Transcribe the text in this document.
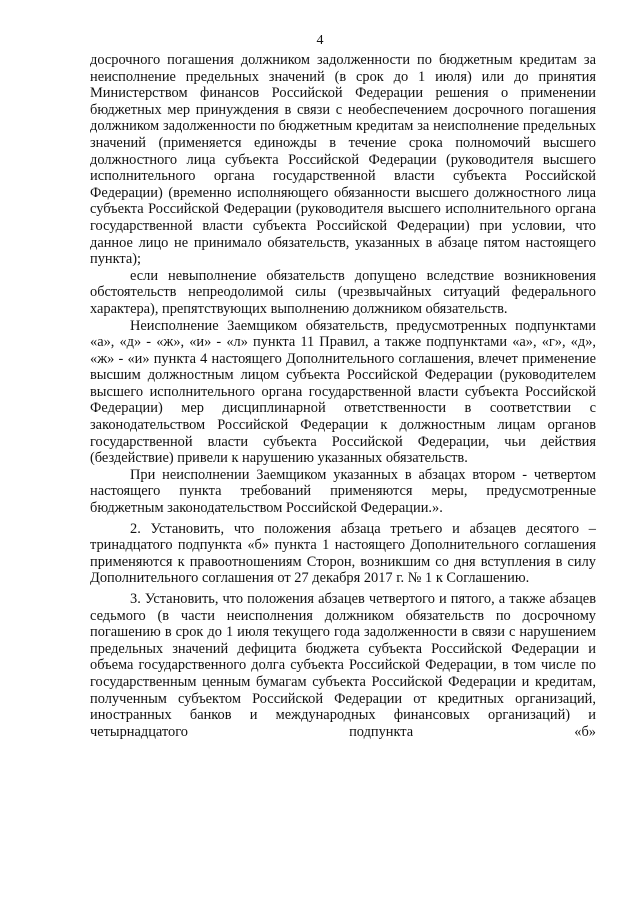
4

досрочного погашения должником задолженности по бюджетным кредитам за неисполнение предельных значений (в срок до 1 июля) или до принятия Министерством финансов Российской Федерации решения о применении бюджетных мер принуждения в связи с необеспечением досрочного погашения должником задолженности по бюджетным кредитам за неисполнение предельных значений (применяется единожды в течение срока полномочий высшего должностного лица субъекта Российской Федерации (руководителя высшего исполнительного органа государственной власти субъекта Российской Федерации) (временно исполняющего обязанности высшего должностного лица субъекта Российской Федерации (руководителя высшего исполнительного органа государственной власти субъекта Российской Федерации) при условии, что данное лицо не принимало обязательств, указанных в абзаце пятом настоящего пункта);

если невыполнение обязательств допущено вследствие возникновения обстоятельств непреодолимой силы (чрезвычайных ситуаций федерального характера), препятствующих выполнению должником обязательств.

Неисполнение Заемщиком обязательств, предусмотренных подпунктами «а», «д» - «ж», «и» - «л» пункта 11 Правил, а также подпунктами «а», «г», «д», «ж» - «и» пункта 4 настоящего Дополнительного соглашения, влечет применение высшим должностным лицом субъекта Российской Федерации (руководителем высшего исполнительного органа государственной власти субъекта Российской Федерации) мер дисциплинарной ответственности в соответствии с законодательством Российской Федерации к должностным лицам органов государственной власти субъекта Российской Федерации, чьи действия (бездействие) привели к нарушению указанных обязательств.

При неисполнении Заемщиком указанных в абзацах втором - четвертом настоящего пункта требований применяются меры, предусмотренные бюджетным законодательством Российской Федерации.».

2. Установить, что положения абзаца третьего и абзацев десятого – тринадцатого подпункта «б» пункта 1 настоящего Дополнительного соглашения применяются к правоотношениям Сторон, возникшим со дня вступления в силу Дополнительного соглашения от 27 декабря 2017 г. № 1 к Соглашению.

3. Установить, что положения абзацев четвертого и пятого, а также абзацев седьмого (в части неисполнения должником обязательств по досрочному погашению в срок до 1 июля текущего года задолженности в связи с нарушением предельных значений дефицита бюджета субъекта Российской Федерации и объема государственного долга субъекта Российской Федерации, в том числе по государственным ценным бумагам субъекта Российской Федерации и кредитам, полученным субъектом Российской Федерации от кредитных организаций, иностранных банков и международных финансовых организаций) и четырнадцатого подпункта «б»
